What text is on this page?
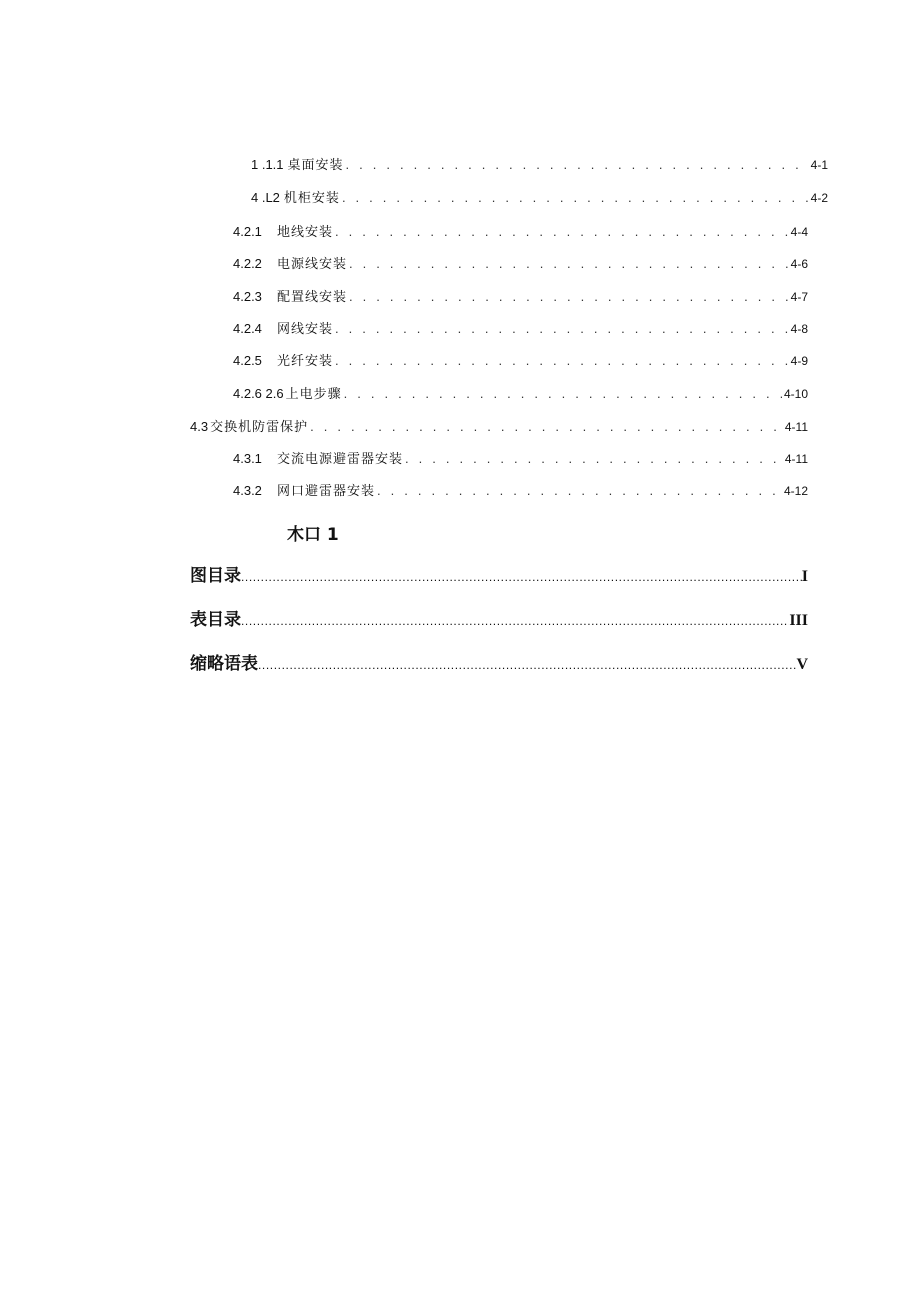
1 .1.1 桌面安装 . . .	4-1
4 .L2 机柜安装 . . .	4-2
4.2.1	地线安装 . . .	4-4
4.2.2	电源线安装 . . .	4-6
4.2.3	配置线安装 . . .	4-7
4.2.4	网线安装 . . .	4-8
4.2.5	光纤安装 . . .	4-9
4.2.6 2.6 上电步骤 . . .	4-10
4.3 交换机防雷保护 . . .	4-11
4.3.1	交流电源避雷器安装 . . .	4-11
4.3.2	网口避雷器安装 . . .	4-12
木口 1
图目录 .....	I
表目录 .....	III
缩略语表 .....	V
